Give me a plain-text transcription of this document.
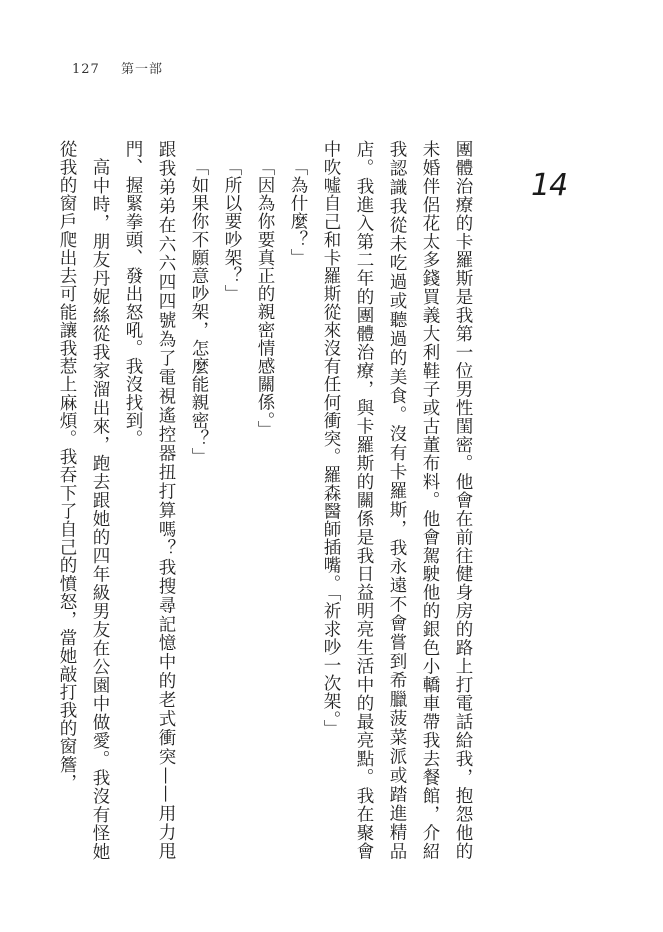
127 第一部
14

團體治療的卡羅斯是我第一位男性閨密。他會在前往健身房的路上打電話給我，抱怨他的未婚伴侶花太多錢買義大利鞋子或古董布料。他會駕駛他的銀色小轎車帶我去餐館，介紹我認識我從未吃過或聽過的美食。沒有卡羅斯，我永遠不會嘗到希臘菠菜派或踏進精品店。我進入第二年的團體治療，與卡羅斯的關係是我日益明亮生活中的最亮點。我在聚會中吹噓自己和卡羅斯從來沒有任何衝突。羅森醫師插嘴。「祈求吵一次架。」

「為什麼？」

「因為你要真正的親密情感關係。」

「所以要吵架？」

「如果你不願意吵架，怎麼能親密？」

跟我弟弟在六六四四號為了電視遙控器扭打算嗎？我搜尋記憶中的老式衝突——用力甩門、握緊拳頭、發出怒吼。我沒找到。

高中時，朋友丹妮絲從我家溜出來，跑去跟她的四年級男友在公園中做愛。我沒有怪她從我的窗戶爬出去可能讓我惹上麻煩。我吞下了自己的憤怒，當她敲打我的窗簷，
